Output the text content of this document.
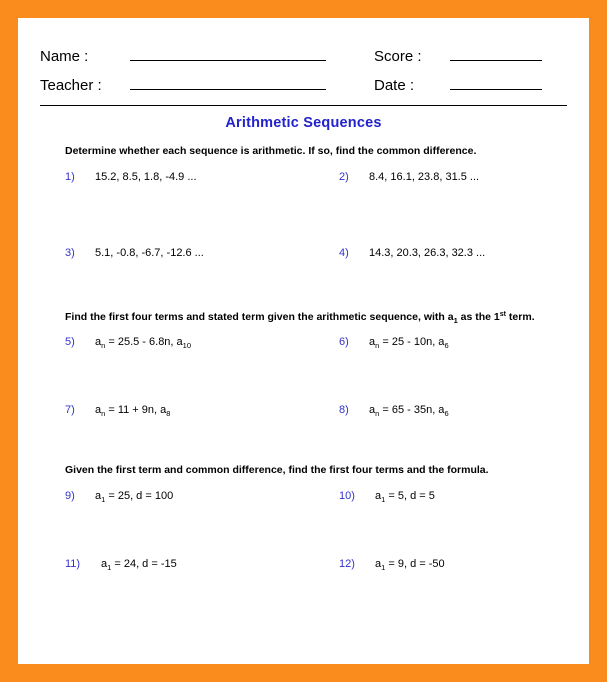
Name :	Score :
Teacher :	Date :
Arithmetic Sequences
Determine whether each sequence is arithmetic. If so, find the common difference.
1)	15.2, 8.5, 1.8, -4.9 ...	2)	8.4, 16.1, 23.8, 31.5 ...
3)	5.1, -0.8, -6.7, -12.6 ...	4)	14.3, 20.3, 26.3, 32.3 ...
Find the first four terms and stated term given the arithmetic sequence, with $a_1$ as the 1st term.
5)	$a_n = 25.5 - 6.8n$, $a_{10}$	6)	$a_n = 25 - 10n$, $a_6$
7)	$a_n = 11 + 9n$, $a_8$	8)	$a_n = 65 - 35n$, $a_6$
Given the first term and common difference, find the first four terms and the formula.
9)	$a_1 = 25$, d = 100	10)	$a_1 = 5$, d = 5
11)	$a_1 = 24$, d = -15	12)	$a_1 = 9$, d = -50
